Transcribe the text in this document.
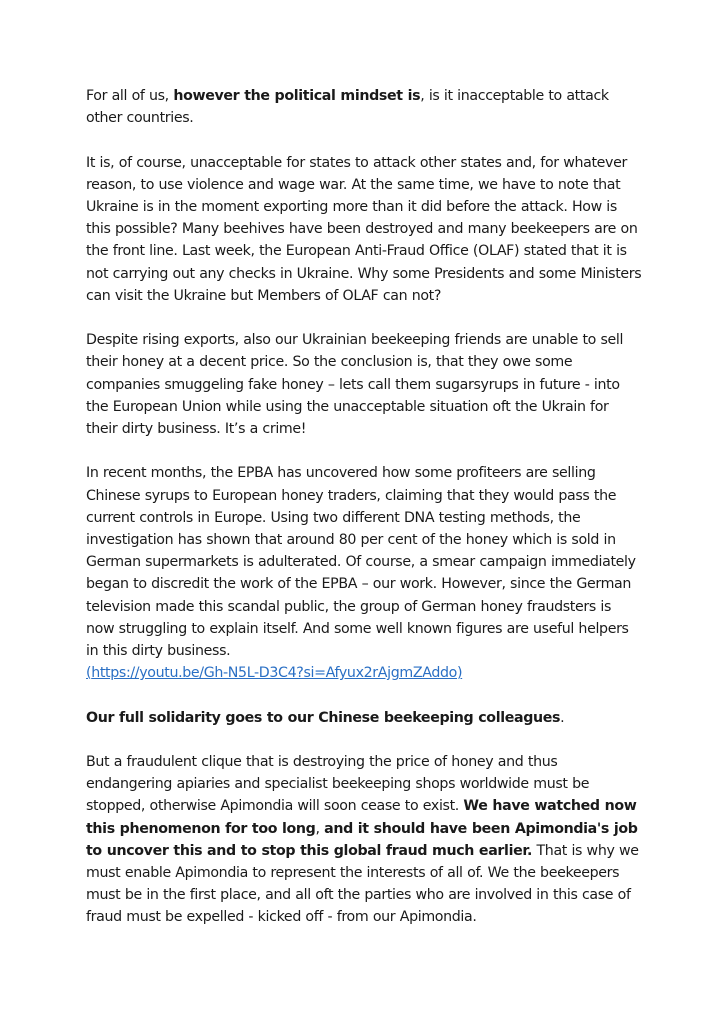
For all of us, however the political mindset is, is it inacceptable to attack other countries.

It is, of course, unacceptable for states to attack other states and, for whatever reason, to use violence and wage war. At the same time, we have to note that Ukraine is in the moment exporting more than it did before the attack. How is this possible? Many beehives have been destroyed and many beekeepers are on the front line. Last week, the European Anti-Fraud Office (OLAF) stated that it is not carrying out any checks in Ukraine. Why some Presidents and some Ministers can visit the Ukraine but Members of OLAF can not?

Despite rising exports, also our Ukrainian beekeeping friends are unable to sell their honey at a decent price. So the conclusion is, that they owe some companies smuggeling fake honey – lets call them sugarsyrups in future - into the European Union while using the unacceptable situation oft the Ukrain for their dirty business. It’s a crime!

In recent months, the EPBA has uncovered how some profiteers are selling Chinese syrups to European honey traders, claiming that they would pass the current controls in Europe. Using two different DNA testing methods, the investigation has shown that around 80 per cent of the honey which is sold in German supermarkets is adulterated. Of course, a smear campaign immediately began to discredit the work of the EPBA – our work. However, since the German television made this scandal public, the group of German honey fraudsters is now struggling to explain itself. And some well known figures are useful helpers in this dirty business.
(https://youtu.be/Gh-N5L-D3C4?si=Afyux2rAjgmZAddo)

Our full solidarity goes to our Chinese beekeeping colleagues.

But a fraudulent clique that is destroying the price of honey and thus endangering apiaries and specialist beekeeping shops worldwide must be stopped, otherwise Apimondia will soon cease to exist. We have watched now this phenomenon for too long, and it should have been Apimondia's job to uncover this and to stop this global fraud much earlier. That is why we must enable Apimondia to represent the interests of all of. We the beekeepers must be in the first place, and all oft the parties who are involved in this case of fraud must be expelled - kicked off - from our Apimondia.
